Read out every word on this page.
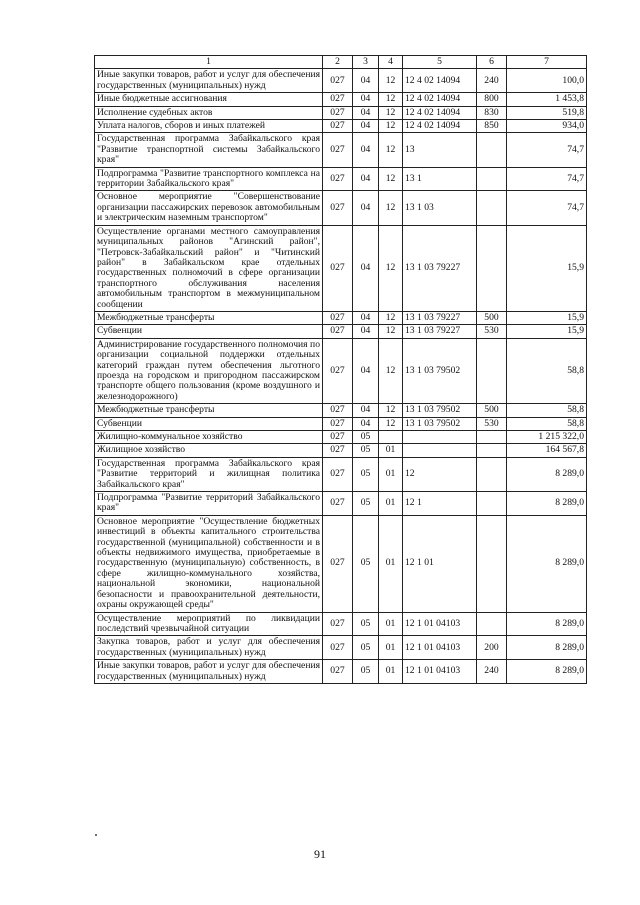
1	2	3	4	5	6	7
Иные закупки товаров, работ и услуг для обеспечения государственных (муниципальных) нужд	027	04	12	12 4 02 14094	240	100,0
Иные бюджетные ассигнования	027	04	12	12 4 02 14094	800	1 453,8
Исполнение судебных актов	027	04	12	12 4 02 14094	830	519,8
Уплата налогов, сборов и иных платежей	027	04	12	12 4 02 14094	850	934,0
Государственная программа Забайкальского края "Развитие транспортной системы Забайкальского края"	027	04	12	13		74,7
Подпрограмма "Развитие транспортного комплекса на территории Забайкальского края"	027	04	12	13 1		74,7
Основное мероприятие "Совершенствование организации пассажирских перевозок автомобильным и электрическим наземным транспортом"	027	04	12	13 1 03		74,7
Осуществление органами местного самоуправления муниципальных районов "Агинский район", "Петровск-Забайкальский район" и "Читинский район" в Забайкальском крае отдельных государственных полномочий в сфере организации транспортного обслуживания населения автомобильным транспортом в межмуниципальном сообщении	027	04	12	13 1 03 79227		15,9
Межбюджетные трансферты	027	04	12	13 1 03 79227	500	15,9
Субвенции	027	04	12	13 1 03 79227	530	15,9
Администрирование государственного полномочия по организации социальной поддержки отдельных категорий граждан путем обеспечения льготного проезда на городском и пригородном пассажирском транспорте общего пользования (кроме воздушного и железнодорожного)	027	04	12	13 1 03 79502		58,8
Межбюджетные трансферты	027	04	12	13 1 03 79502	500	58,8
Субвенции	027	04	12	13 1 03 79502	530	58,8
Жилищно-коммунальное хозяйство	027	05				1 215 322,0
Жилищное хозяйство	027	05	01			164 567,8
Государственная программа Забайкальского края "Развитие территорий и жилищная политика Забайкальского края"	027	05	01	12		8 289,0
Подпрограмма "Развитие территорий Забайкальского края"	027	05	01	12 1		8 289,0
Основное мероприятие "Осуществление бюджетных инвестиций в объекты капитального строительства государственной (муниципальной) собственности и в объекты недвижимого имущества, приобретаемые в государственную (муниципальную) собственность, в сфере жилищно-коммунального хозяйства, национальной экономики, национальной безопасности и правоохранительной деятельности, охраны окружающей среды"	027	05	01	12 1 01		8 289,0
Осуществление мероприятий по ликвидации последствий чрезвычайной ситуации	027	05	01	12 1 01 04103		8 289,0
Закупка товаров, работ и услуг для обеспечения государственных (муниципальных) нужд	027	05	01	12 1 01 04103	200	8 289,0
Иные закупки товаров, работ и услуг для обеспечения государственных (муниципальных) нужд	027	05	01	12 1 01 04103	240	8 289,0
91
